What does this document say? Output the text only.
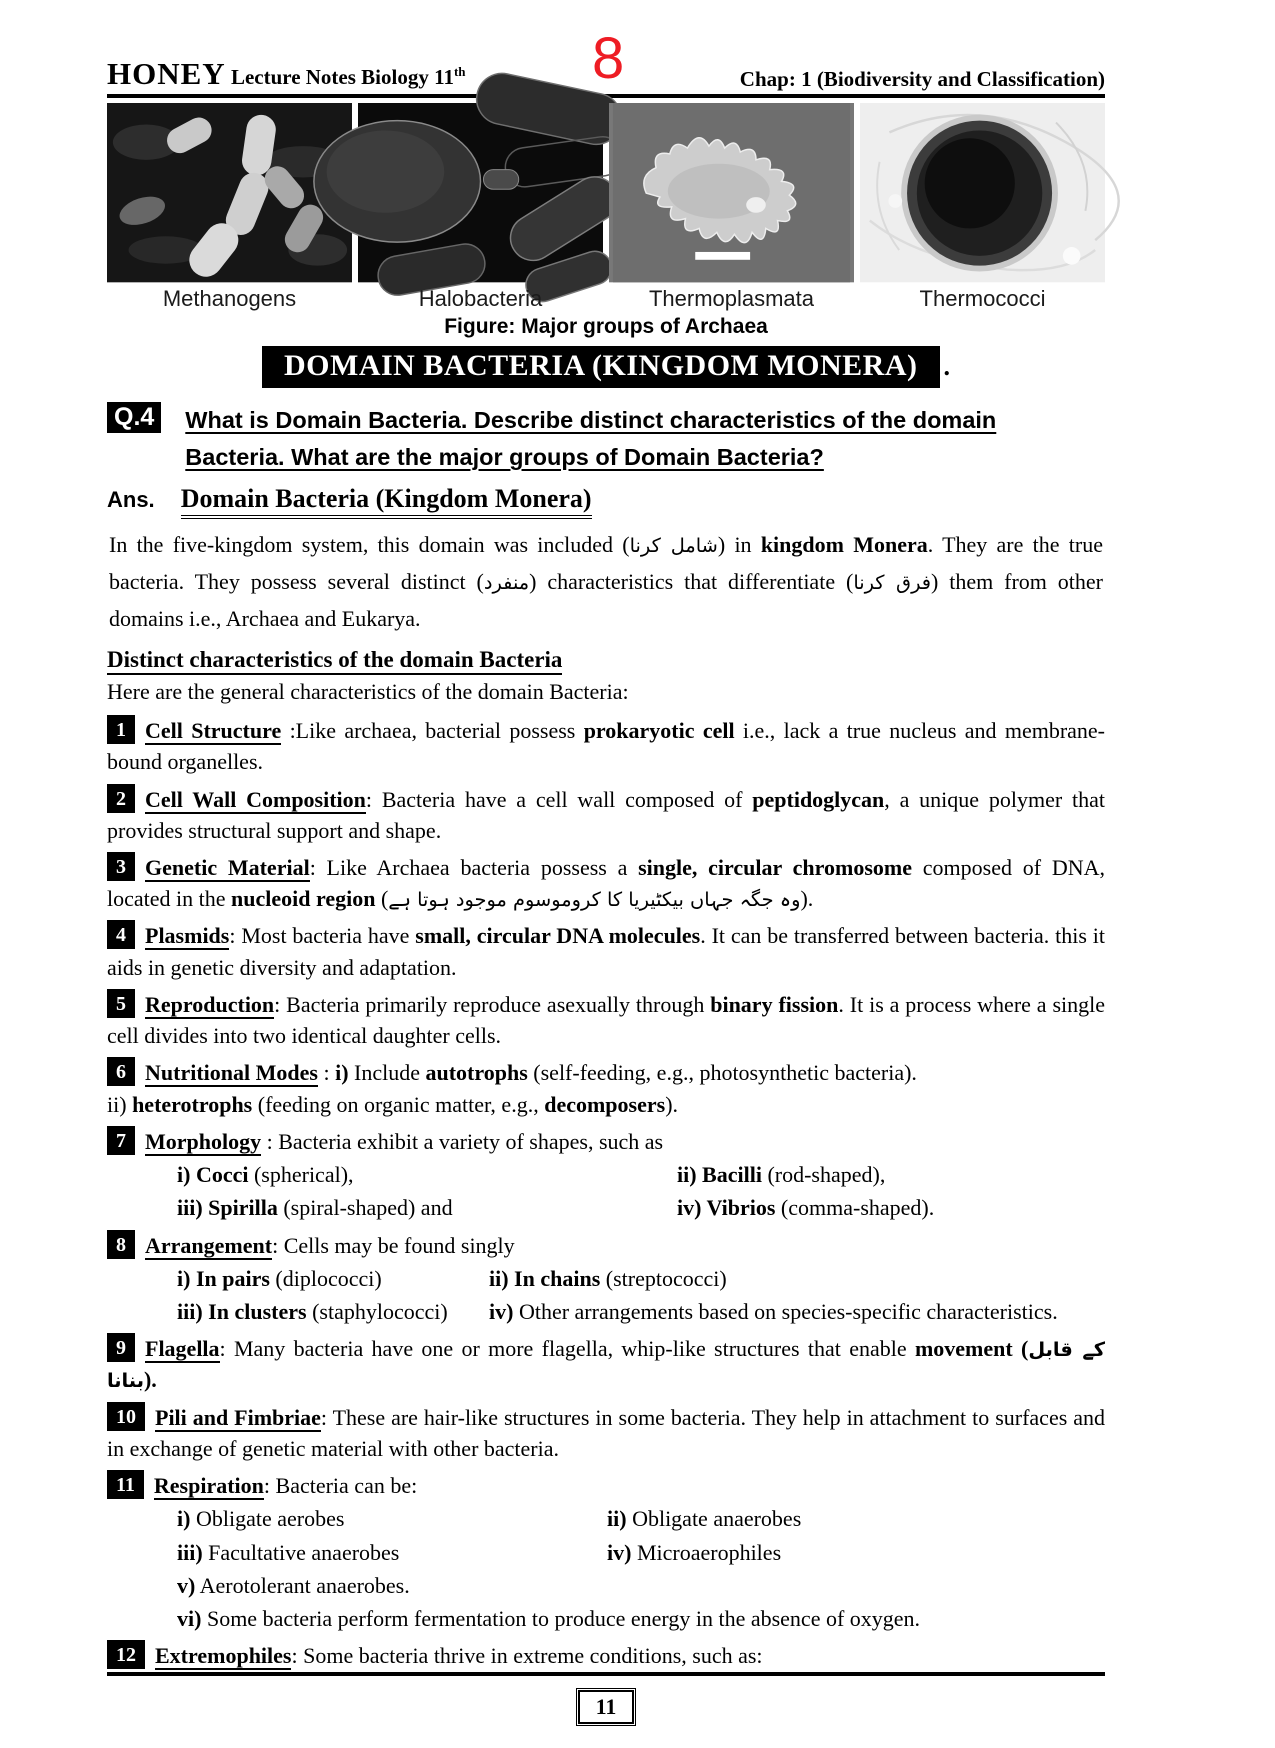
8
HONEY Lecture Notes Biology 11th	Chap: 1 (Biodiversity and Classification)
Methanogens	Halobacteria	Thermoplasmata	Thermococci
Figure: Major groups of Archaea
DOMAIN BACTERIA (KINGDOM MONERA) .
Q.4 What is Domain Bacteria. Describe distinct characteristics of the domain
Bacteria. What are the major groups of Domain Bacteria?
Ans. Domain Bacteria (Kingdom Monera)
In the five-kingdom system, this domain was included (شامل کرنا) in kingdom Monera. They are the true bacteria. They possess several distinct (منفرد) characteristics that differentiate (فرق کرنا) them from other domains i.e., Archaea and Eukarya.
Distinct characteristics of the domain Bacteria
Here are the general characteristics of the domain Bacteria:
1 Cell Structure :Like archaea, bacterial possess prokaryotic cell i.e., lack a true nucleus and membrane-bound organelles.
2 Cell Wall Composition: Bacteria have a cell wall composed of peptidoglycan, a unique polymer that provides structural support and shape.
3 Genetic Material: Like Archaea bacteria possess a single, circular chromosome composed of DNA, located in the nucleoid region (وہ جگہ جہاں بیکٹیریا کا کروموسوم موجود ہوتا ہے).
4 Plasmids: Most bacteria have small, circular DNA molecules. It can be transferred between bacteria. this it aids in genetic diversity and adaptation.
5 Reproduction: Bacteria primarily reproduce asexually through binary fission. It is a process where a single cell divides into two identical daughter cells.
6 Nutritional Modes : i) Include autotrophs (self-feeding, e.g., photosynthetic bacteria).
ii) heterotrophs (feeding on organic matter, e.g., decomposers).
7 Morphology : Bacteria exhibit a variety of shapes, such as
i) Cocci (spherical),	ii) Bacilli (rod-shaped),
iii) Spirilla (spiral-shaped) and	iv) Vibrios (comma-shaped).
8 Arrangement: Cells may be found singly
i) In pairs (diplococci)	ii) In chains (streptococci)
iii) In clusters (staphylococci) iv) Other arrangements based on species-specific characteristics.
9 Flagella: Many bacteria have one or more flagella, whip-like structures that enable movement (کے قابل بنانا).
10 Pili and Fimbriae: These are hair-like structures in some bacteria. They help in attachment to surfaces and in exchange of genetic material with other bacteria.
11 Respiration: Bacteria can be:
i) Obligate aerobes	ii) Obligate anaerobes
iii) Facultative anaerobes	iv) Microaerophiles
v) Aerotolerant anaerobes.
vi) Some bacteria perform fermentation to produce energy in the absence of oxygen.
12 Extremophiles: Some bacteria thrive in extreme conditions, such as:
11
